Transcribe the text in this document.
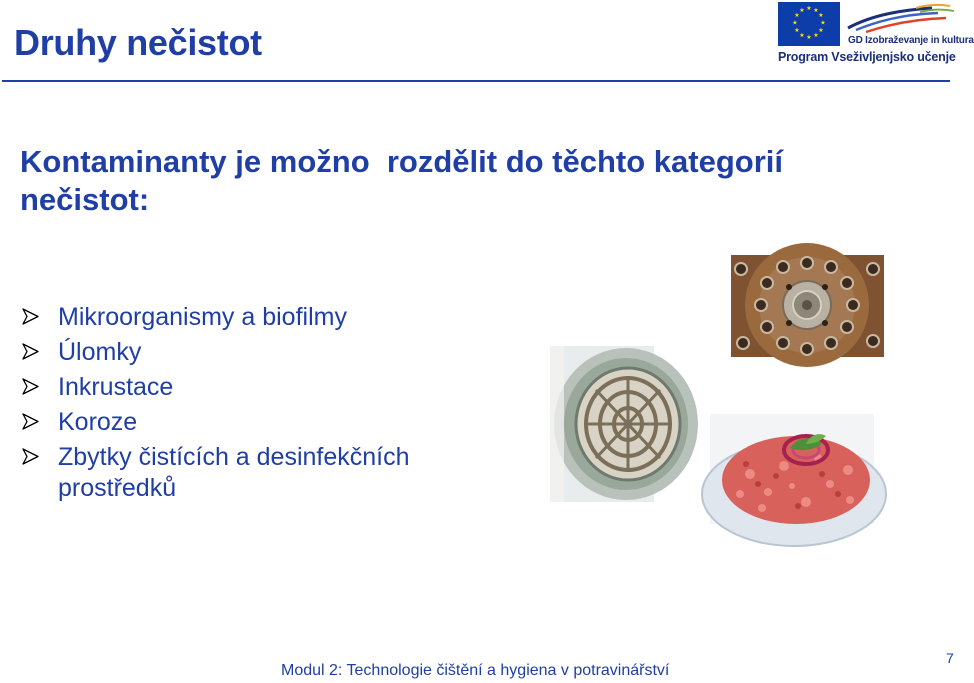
Druhy nečistot
★ ★
★
★
★
★
★
★
★
★
★
★
GD Izobraževanje in kultura
Program Vseživljenjsko učenje
Kontaminanty je možno  rozdělit do těchto kategorií nečistot:
Mikroorganismy a biofilmy
Úlomky
Inkrustace
Koroze
Zbytky čistících a desinfekčních prostředků
Modul 2: Technologie čištění a hygiena v potravinářství
7
